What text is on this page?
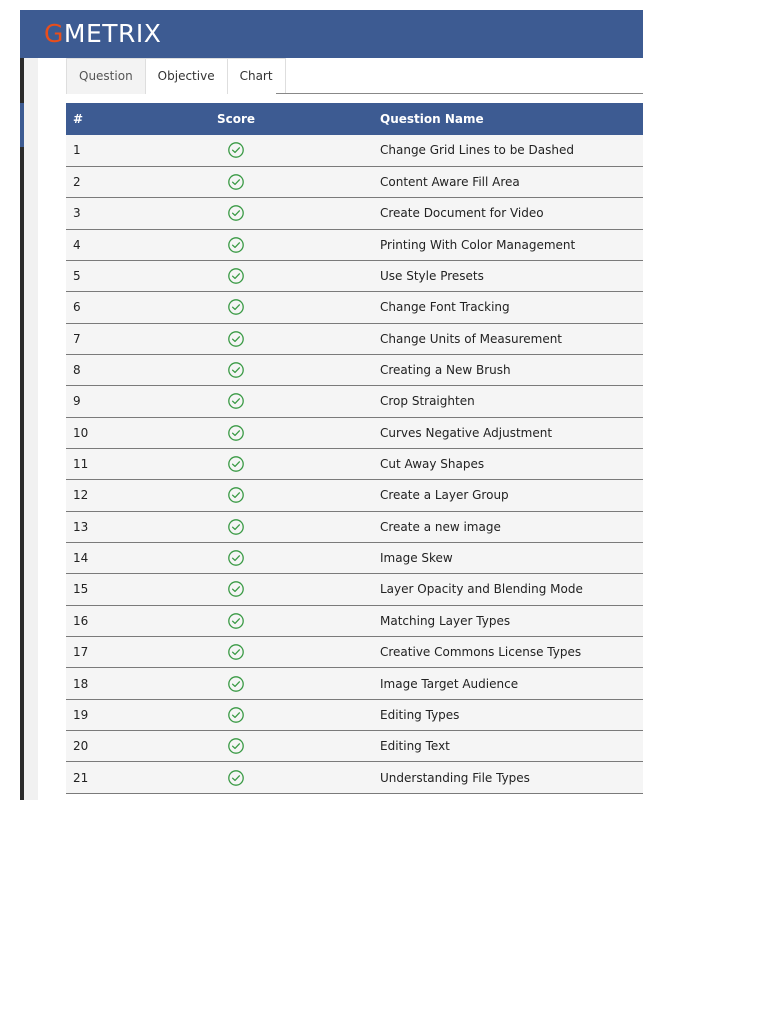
G METRIX
Question	Objective	Chart
#	Score	Question Name
1		Change Grid Lines to be Dashed
2		Content Aware Fill Area
3		Create Document for Video
4		Printing With Color Management
5		Use Style Presets
6		Change Font Tracking
7		Change Units of Measurement
8		Creating a New Brush
9		Crop Straighten
10		Curves Negative Adjustment
11		Cut Away Shapes
12		Create a Layer Group
13		Create a new image
14		Image Skew
15		Layer Opacity and Blending Mode
16		Matching Layer Types
17		Creative Commons License Types
18		Image Target Audience
19		Editing Types
20		Editing Text
21		Understanding File Types
